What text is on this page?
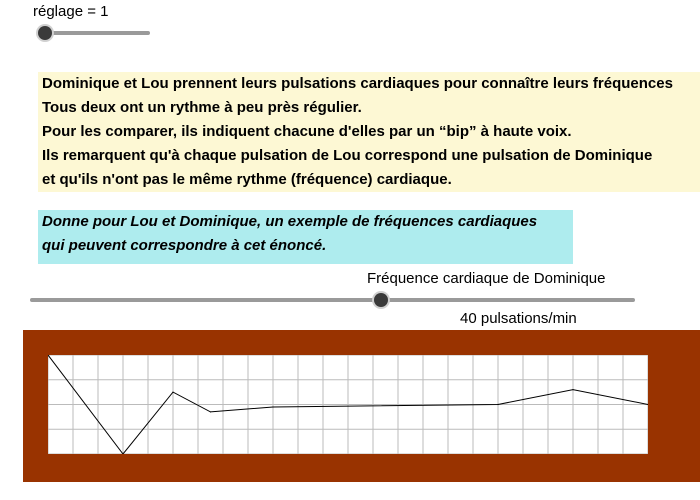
réglage = 1
Dominique et Lou prennent leurs pulsations cardiaques pour connaître leurs fréquences
Tous deux ont un rythme à peu près régulier.
Pour les comparer, ils indiquent chacune d'elles par un “bip” à haute voix.
Ils remarquent qu'à chaque pulsation de Lou correspond une pulsation de Dominique
et qu'ils n'ont pas le même rythme (fréquence) cardiaque.
Donne pour Lou et Dominique, un exemple de fréquences cardiaques
qui peuvent correspondre à cet énoncé.
Fréquence cardiaque de Dominique
40 pulsations/min
